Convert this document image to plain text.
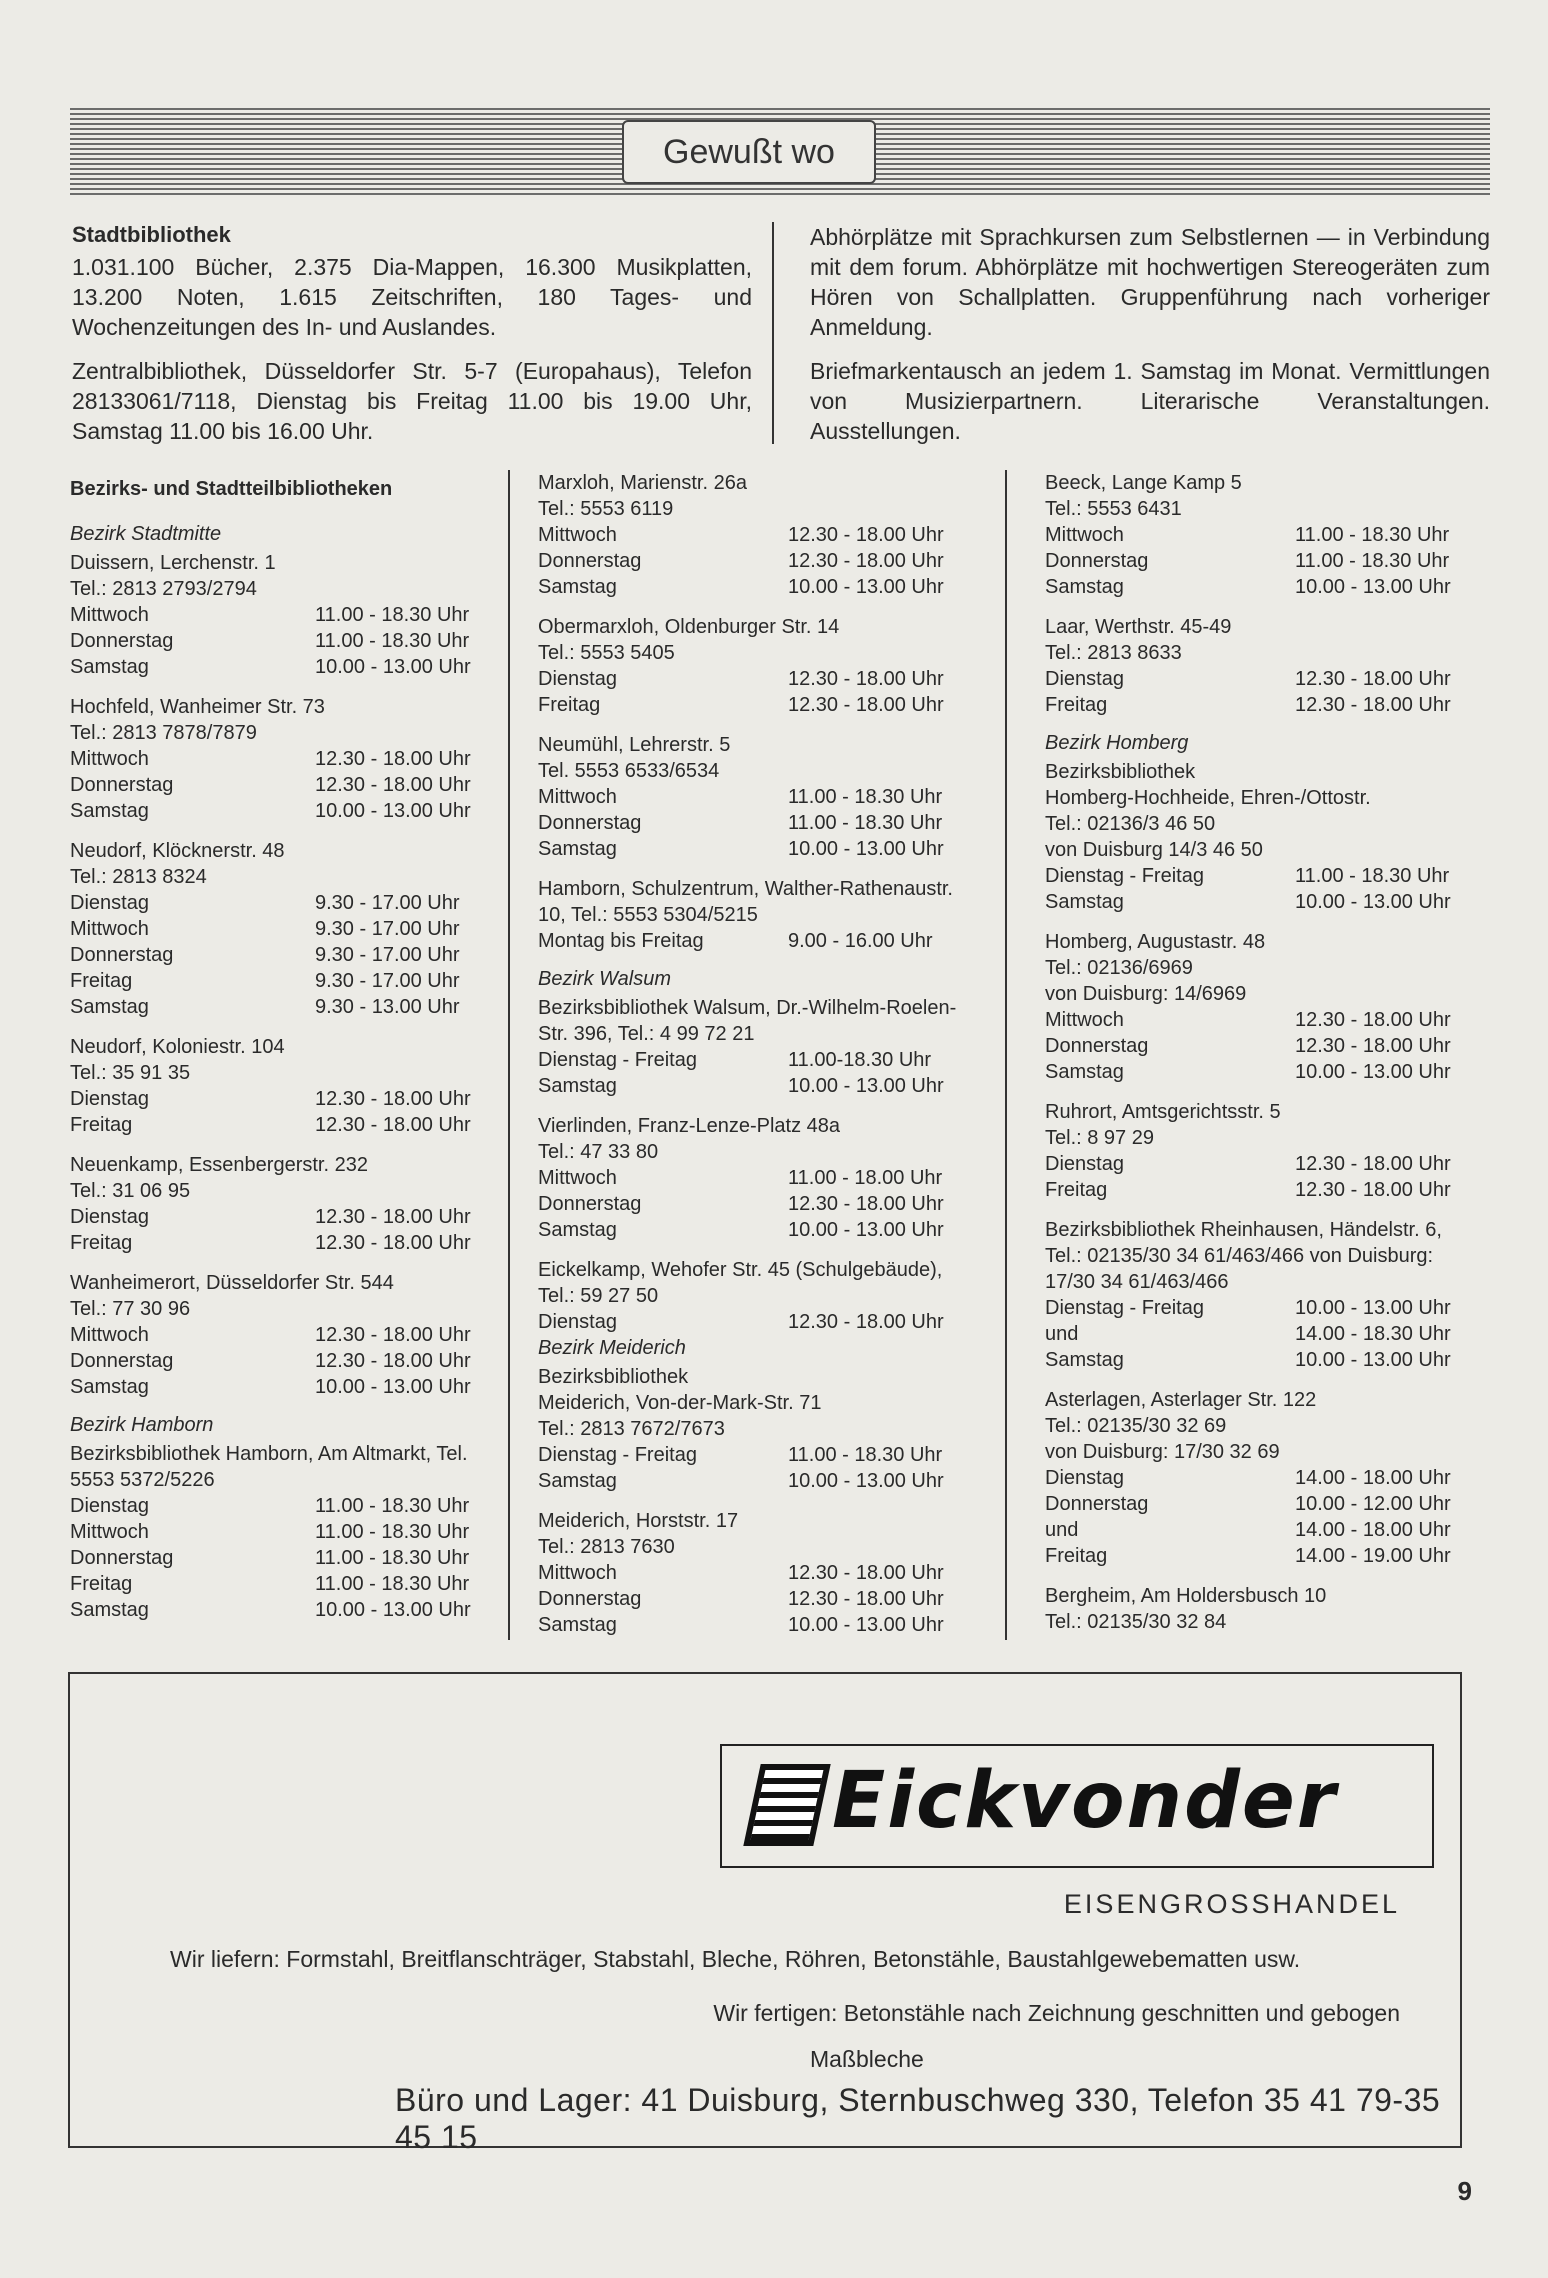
Gewußt wo
Stadtbibliothek

1.031.100 Bücher, 2.375 Dia-Mappen, 16.300 Musikplatten, 13.200 Noten, 1.615 Zeitschriften, 180 Tages- und Wochenzeitungen des In- und Auslandes.

Zentralbibliothek, Düsseldorfer Str. 5-7 (Europahaus), Telefon 28133061/7118, Dienstag bis Freitag 11.00 bis 19.00 Uhr, Samstag 11.00 bis 16.00 Uhr.

Abhörplätze mit Sprachkursen zum Selbstlernen — in Verbindung mit dem forum. Abhörplätze mit hochwertigen Stereogeräten zum Hören von Schallplatten. Gruppenführung nach vorheriger Anmeldung.

Briefmarkentausch an jedem 1. Samstag im Monat. Vermittlungen von Musizierpartnern. Literarische Veranstaltungen. Ausstellungen.

Bezirks- und Stadtteilbibliotheken
Bezirk Stadtmitte
Duissern, Lerchenstr. 1
Tel.: 2813 2793/2794
Mittwoch	11.00 - 18.30 Uhr
Donnerstag	11.00 - 18.30 Uhr
Samstag	10.00 - 13.00 Uhr
Hochfeld, Wanheimer Str. 73
Tel.: 2813 7878/7879
Mittwoch	12.30 - 18.00 Uhr
Donnerstag	12.30 - 18.00 Uhr
Samstag	10.00 - 13.00 Uhr
Neudorf, Klöcknerstr. 48
Tel.: 2813 8324
Dienstag	9.30 - 17.00 Uhr
Mittwoch	9.30 - 17.00 Uhr
Donnerstag	9.30 - 17.00 Uhr
Freitag	9.30 - 17.00 Uhr
Samstag	9.30 - 13.00 Uhr
Neudorf, Koloniestr. 104
Tel.: 35 91 35
Dienstag	12.30 - 18.00 Uhr
Freitag	12.30 - 18.00 Uhr
Neuenkamp, Essenbergerstr. 232
Tel.: 31 06 95
Dienstag	12.30 - 18.00 Uhr
Freitag	12.30 - 18.00 Uhr
Wanheimerort, Düsseldorfer Str. 544
Tel.: 77 30 96
Mittwoch	12.30 - 18.00 Uhr
Donnerstag	12.30 - 18.00 Uhr
Samstag	10.00 - 13.00 Uhr
Bezirk Hamborn
Bezirksbibliothek Hamborn, Am Altmarkt, Tel. 5553 5372/5226
Dienstag	11.00 - 18.30 Uhr
Mittwoch	11.00 - 18.30 Uhr
Donnerstag	11.00 - 18.30 Uhr
Freitag	11.00 - 18.30 Uhr
Samstag	10.00 - 13.00 Uhr
Marxloh, Marienstr. 26a
Tel.: 5553 6119
Mittwoch	12.30 - 18.00 Uhr
Donnerstag	12.30 - 18.00 Uhr
Samstag	10.00 - 13.00 Uhr
Obermarxloh, Oldenburger Str. 14
Tel.: 5553 5405
Dienstag	12.30 - 18.00 Uhr
Freitag	12.30 - 18.00 Uhr
Neumühl, Lehrerstr. 5
Tel. 5553 6533/6534
Mittwoch	11.00 - 18.30 Uhr
Donnerstag	11.00 - 18.30 Uhr
Samstag	10.00 - 13.00 Uhr
Hamborn, Schulzentrum, Walther-Rathenaustr. 10, Tel.: 5553 5304/5215
Montag bis Freitag	9.00 - 16.00 Uhr
Bezirk Walsum
Bezirksbibliothek Walsum, Dr.-Wilhelm-Roelen-Str. 396, Tel.: 4 99 72 21
Dienstag - Freitag	11.00-18.30 Uhr
Samstag	10.00 - 13.00 Uhr
Vierlinden, Franz-Lenze-Platz 48a
Tel.: 47 33 80
Mittwoch	11.00 - 18.00 Uhr
Donnerstag	12.30 - 18.00 Uhr
Samstag	10.00 - 13.00 Uhr
Eickelkamp, Wehofer Str. 45 (Schulgebäude), Tel.: 59 27 50
Dienstag	12.30 - 18.00 Uhr
Bezirk Meiderich
Bezirksbibliothek
Meiderich, Von-der-Mark-Str. 71
Tel.: 2813 7672/7673
Dienstag - Freitag	11.00 - 18.30 Uhr
Samstag	10.00 - 13.00 Uhr
Meiderich, Horststr. 17
Tel.: 2813 7630
Mittwoch	12.30 - 18.00 Uhr
Donnerstag	12.30 - 18.00 Uhr
Samstag	10.00 - 13.00 Uhr
Beeck, Lange Kamp 5
Tel.: 5553 6431
Mittwoch	11.00 - 18.30 Uhr
Donnerstag	11.00 - 18.30 Uhr
Samstag	10.00 - 13.00 Uhr
Laar, Werthstr. 45-49
Tel.: 2813 8633
Dienstag	12.30 - 18.00 Uhr
Freitag	12.30 - 18.00 Uhr
Bezirk Homberg
Bezirksbibliothek
Homberg-Hochheide, Ehren-/Ottostr.
Tel.: 02136/3 46 50
von Duisburg 14/3 46 50
Dienstag - Freitag	11.00 - 18.30 Uhr
Samstag	10.00 - 13.00 Uhr
Homberg, Augustastr. 48
Tel.: 02136/6969
von Duisburg: 14/6969
Mittwoch	12.30 - 18.00 Uhr
Donnerstag	12.30 - 18.00 Uhr
Samstag	10.00 - 13.00 Uhr
Ruhrort, Amtsgerichtsstr. 5
Tel.: 8 97 29
Dienstag	12.30 - 18.00 Uhr
Freitag	12.30 - 18.00 Uhr
Bezirksbibliothek Rheinhausen, Händelstr. 6, Tel.: 02135/30 34 61/463/466 von Duisburg: 17/30 34 61/463/466
Dienstag - Freitag	10.00 - 13.00 Uhr
und	14.00 - 18.30 Uhr
Samstag	10.00 - 13.00 Uhr
Asterlagen, Asterlager Str. 122
Tel.: 02135/30 32 69
von Duisburg: 17/30 32 69
Dienstag	14.00 - 18.00 Uhr
Donnerstag	10.00 - 12.00 Uhr
und	14.00 - 18.00 Uhr
Freitag	14.00 - 19.00 Uhr
Bergheim, Am Holdersbusch 10
Tel.: 02135/30 32 84
Eickvonder
EISENGROSSHANDEL
Wir liefern: Formstahl, Breitflanschträger, Stabstahl, Bleche, Röhren, Betonstähle, Baustahlgewebematten usw.
Wir fertigen: Betonstähle nach Zeichnung geschnitten und gebogen
Maßbleche
Büro und Lager: 41 Duisburg, Sternbuschweg 330, Telefon 35 41 79-35 45 15
9
